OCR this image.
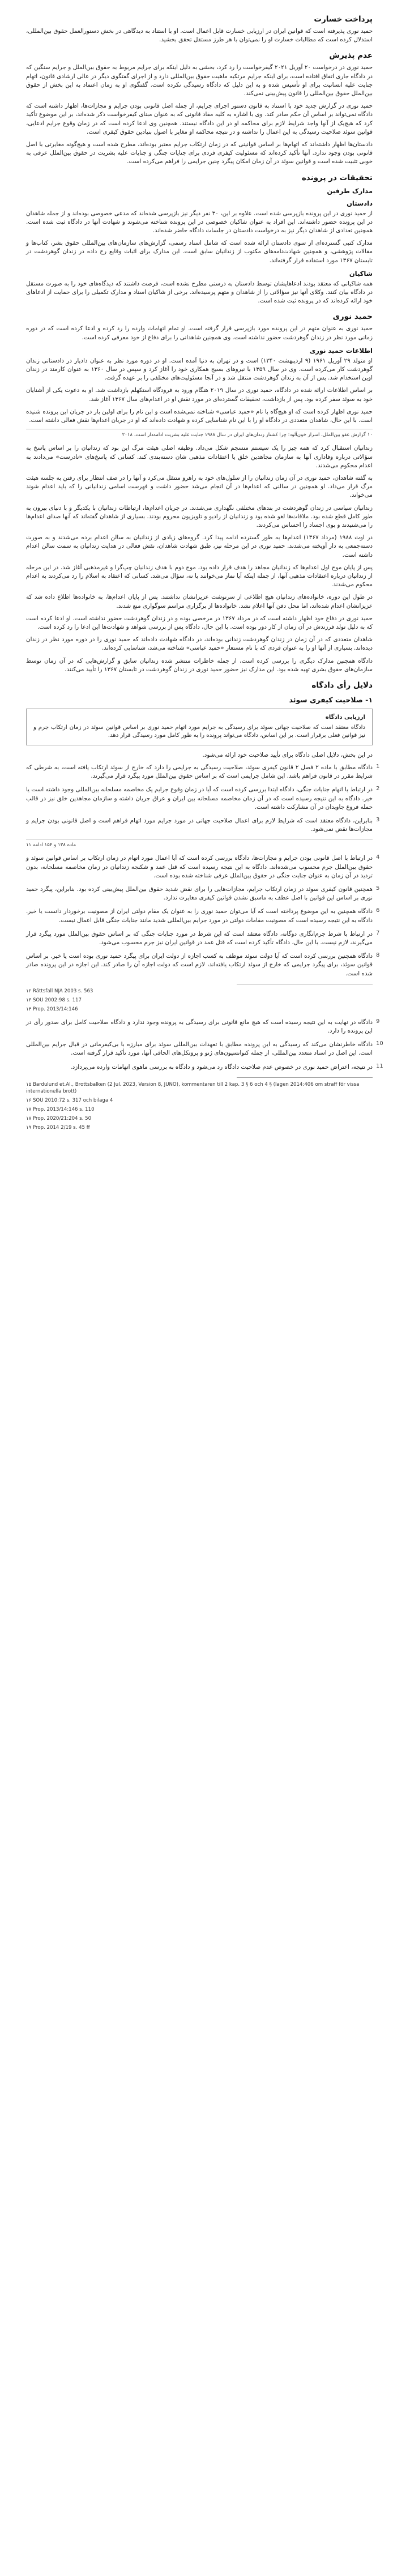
پرداخت خسارت

حمید نوری پذیرفته است که قوانین ایران در ارزیابی خسارت قابل اعمال است. او با استناد به دیدگاهی در بخش دستورالعمل حقوق بین‌المللی، استدلال کرده است که مطالبات خسارت او را نمی‌توان با هر طرز مستقل تحقق بخشید.

عدم پذیرش

حمید نوری در درخواست ۲۰ آوریل ۲۰۲۱ گیفرخواست را رد کرد، بخشی به دلیل اینکه برای جرایم مربوط به حقوق بین‌الملل و جرایم سنگین که در دادگاه جاری اتفاق افتاده است، برای اینکه جرایم مرتکبه ماهیت حقوق بین‌المللی دارد و از اجرای گفتگوی دیگر در عالی ارشادی قانون، اتهام جنایت علیه انسانیت برای او تأسیس شده و به این دلیل که دادگاه رسیدگی نکرده است. گفتگوی او به زمان اعتماد به این بخش از حقوق بین‌الملل حقوق بین‌المللی را قانون پیش‌بینی نمی‌کند.

حمید نوری در گزارش جدید خود با استناد به قانون دستور اجرای جرایم، از جمله اصل قانونی بودن جرایم و مجازات‌ها، اظهار داشته است که دادگاه نمی‌تواند بر اساس آن حکم صادر کند. وی با اشاره به کلیه مفاد قانونی که به عنوان مبنای کیفرخواست ذکر شده‌اند، بر این موضوع تأکید کرد که هیچ‌یک از آنها واجد شرایط لازم برای محاکمه او در این دادگاه نیستند. همچنین وی ادعا کرده است که در زمان وقوع جرایم ادعایی، قوانین سوئد صلاحیت رسیدگی به این اعمال را نداشته و در نتیجه محاکمه او مغایر با اصول بنیادین حقوق کیفری است.

دادستان‌ها اظهار داشته‌اند که اتهام‌ها بر اساس قوانینی که در زمان ارتکاب جرایم معتبر بوده‌اند، مطرح شده است و هیچ‌گونه مغایرتی با اصل قانونی بودن وجود ندارد. آنها تأکید کرده‌اند که مسئولیت کیفری فردی برای جنایات جنگی و جنایات علیه بشریت در حقوق بین‌الملل عرفی به خوبی تثبیت شده است و قوانین سوئد در آن زمان امکان پیگرد چنین جرایمی را فراهم می‌کرده است.

تحقیقات در پرونده
مدارک طرفین
دادستان

از حمید نوری در این پرونده بازپرسی شده است. علاوه بر این، ۳۰ نفر دیگر نیز بازپرسی شده‌اند که مدعی خصوصی بوده‌اند و از جمله شاهدان در این پرونده حضور داشته‌اند. این افراد به عنوان شاکیان خصوصی در این پرونده شناخته می‌شوند و شهادت آنها در دادگاه ثبت شده است. همچنین تعدادی از شاهدان دیگر نیز به درخواست دادستان در جلسات دادگاه حاضر شده‌اند.

مدارک کتبی گسترده‌ای از سوی دادستان ارائه شده است که شامل اسناد رسمی، گزارش‌های سازمان‌های بین‌المللی حقوق بشر، کتاب‌ها و مقالات پژوهشی، و همچنین شهادت‌نامه‌های مکتوب از زندانیان سابق است. این مدارک برای اثبات وقایع رخ داده در زندان گوهردشت در تابستان ۱۳۶۷ مورد استفاده قرار گرفته‌اند.

شاکیان

همه شاکیانی که معتقد بودند ادعاهایشان توسط دادستان به درستی مطرح نشده است، فرصت داشتند که دیدگاه‌های خود را به صورت مستقل در دادگاه بیان کنند. وکلای آنها نیز سؤالاتی را از شاهدان و متهم پرسیده‌اند. برخی از شاکیان اسناد و مدارک تکمیلی را برای حمایت از ادعاهای خود ارائه کرده‌اند که در پرونده ثبت شده است.

حمید نوری

حمید نوری به عنوان متهم در این پرونده مورد بازپرسی قرار گرفته است. او تمام اتهامات وارده را رد کرده و ادعا کرده است که در دوره زمانی مورد نظر در زندان گوهردشت حضور نداشته است. وی همچنین شاهدانی را برای دفاع از خود معرفی کرده است.

اطلاعات حمید نوری

او متولد ۲۹ آوریل ۱۹۶۱ (۹ اردیبهشت ۱۳۴۰) است و در تهران به دنیا آمده است. او در دوره مورد نظر به عنوان دادیار در دادستانی زندان گوهردشت کار می‌کرده است. وی در سال ۱۳۵۹ با نیروهای بسیج همکاری خود را آغاز کرد و سپس در سال ۱۳۶۰ به عنوان کارمند در زندان اوین استخدام شد. پس از آن به زندان گوهردشت منتقل شد و در آنجا مسئولیت‌های مختلفی را بر عهده گرفت.

بر اساس اطلاعات ارائه شده در دادگاه، حمید نوری در سال ۲۰۱۹ هنگام ورود به فرودگاه استکهلم بازداشت شد. او به دعوت یکی از آشنایان خود به سوئد سفر کرده بود. پس از بازداشت، تحقیقات گسترده‌ای در مورد نقش او در اعدام‌های سال ۱۳۶۷ آغاز شد.

حمید نوری اظهار کرده است که او هیچ‌گاه با نام «حمید عباسی» شناخته نمی‌شده است و این نام را برای اولین بار در جریان این پرونده شنیده است. با این حال، شاهدان متعددی در دادگاه او را با این نام شناسایی کرده و شهادت داده‌اند که او در جریان اعدام‌ها نقش فعالی داشته است.

۱۰ گزارش عفو بین‌الملل، اسرار خون‌آلود: چرا کشتار زندان‌های ایران در سال ۱۹۸۸ جنایت علیه بشریت ادامه‌دار است، ۲۰۱۸

زندانیان استقبال کرد که همه چیز را یک سیستم منسجم شکل می‌داد. وظیفه اصلی هیئت مرگ این بود که زندانیان را بر اساس پاسخ به سؤالاتی درباره وفاداری آنها به سازمان مجاهدین خلق یا اعتقادات مذهبی شان دسته‌بندی کند. کسانی که پاسخ‌های «نادرست» می‌دادند به اعدام محکوم می‌شدند.

به گفته شاهدان، حمید نوری در آن زمان زندانیان را از سلول‌های خود به راهرو منتقل می‌کرد و آنها را در صف انتظار برای رفتن به جلسه هیئت مرگ قرار می‌داد. او همچنین در سالنی که اعدام‌ها در آن انجام می‌شد حضور داشت و فهرست اسامی زندانیانی را که باید اعدام شوند می‌خواند.

زندانیان سیاسی در زندان گوهردشت در بندهای مختلفی نگهداری می‌شدند. در جریان اعدام‌ها، ارتباطات زندانیان با یکدیگر و با دنیای بیرون به طور کامل قطع شده بود. ملاقات‌ها لغو شده بود و زندانیان از رادیو و تلویزیون محروم بودند. بسیاری از شاهدان گفته‌اند که آنها صدای اعدام‌ها را می‌شنیدند و بوی اجساد را احساس می‌کردند.

در اوت ۱۹۸۸ (مرداد ۱۳۶۷) اعدام‌ها به طور گسترده ادامه پیدا کرد. گروه‌های زیادی از زندانیان به سالن اعدام برده می‌شدند و به صورت دسته‌جمعی به دار آویخته می‌شدند. حمید نوری در این مرحله نیز، طبق شهادت شاهدان، نقش فعالی در هدایت زندانیان به سمت سالن اعدام داشته است.

پس از پایان موج اول اعدام‌ها که زندانیان مجاهد را هدف قرار داده بود، موج دوم با هدف زندانیان چپ‌گرا و غیرمذهبی آغاز شد. در این مرحله از زندانیان درباره اعتقادات مذهبی آنها، از جمله اینکه آیا نماز می‌خوانند یا نه، سؤال می‌شد. کسانی که اعتقاد به اسلام را رد می‌کردند به اعدام محکوم می‌شدند.

در طول این دوره، خانواده‌های زندانیان هیچ اطلاعی از سرنوشت عزیزانشان نداشتند. پس از پایان اعدام‌ها، به خانواده‌ها اطلاع داده شد که عزیزانشان اعدام شده‌اند، اما محل دفن آنها اعلام نشد. خانواده‌ها از برگزاری مراسم سوگواری منع شدند.

حمید نوری در دفاع خود اظهار داشته است که در مرداد ۱۳۶۷ در مرخصی بوده و در زندان گوهردشت حضور نداشته است. او ادعا کرده است که به دلیل تولد فرزندش در آن زمان از کار دور بوده است. با این حال، دادگاه پس از بررسی شواهد و شهادت‌ها این ادعا را رد کرده است.

شاهدان متعددی که در آن زمان در زندان گوهردشت زندانی بوده‌اند، در دادگاه شهادت داده‌اند که حمید نوری را در دوره مورد نظر در زندان دیده‌اند. بسیاری از آنها او را به عنوان فردی که با نام مستعار «حمید عباسی» شناخته می‌شد، شناسایی کرده‌اند.

دادگاه همچنین مدارک دیگری را بررسی کرده است، از جمله خاطرات منتشر شده زندانیان سابق و گزارش‌هایی که در آن زمان توسط سازمان‌های حقوق بشری تهیه شده بود. این مدارک نیز حضور حمید نوری در زندان گوهردشت در تابستان ۱۳۶۷ را تأیید می‌کنند.

دلایل رأی دادگاه
۱- صلاحیت کیفری سوئد

ارزیابی دادگاه

دادگاه معتقد است که صلاحیت جهانی سوئد برای رسیدگی به جرایم مورد اتهام حمید نوری بر اساس قوانین سوئد در زمان ارتکاب جرم و نیز قوانین فعلی برقرار است. بر این اساس، دادگاه می‌تواند پرونده را به طور کامل مورد رسیدگی قرار دهد.

در این بخش، دلایل اصلی دادگاه برای تأیید صلاحیت خود ارائه می‌شود.

1

دادگاه مطابق با ماده ۲ فصل ۲ قانون کیفری سوئد، صلاحیت رسیدگی به جرایمی را دارد که خارج از سوئد ارتکاب یافته است، به شرطی که شرایط مقرر در قانون فراهم باشد. این شامل جرایمی است که بر اساس حقوق بین‌الملل مورد پیگرد قرار می‌گیرند.

2

در ارتباط با اتهام جنایات جنگی، دادگاه ابتدا بررسی کرده است که آیا در زمان وقوع جرایم یک مخاصمه مسلحانه بین‌المللی وجود داشته است یا خیر. دادگاه به این نتیجه رسیده است که در آن زمان مخاصمه مسلحانه بین ایران و عراق جریان داشته و سازمان مجاهدین خلق نیز در قالب حمله فروغ جاویدان در آن مشارکت داشته است.

3

بنابراین، دادگاه معتقد است که شرایط لازم برای اعمال صلاحیت جهانی در مورد جرایم مورد اتهام فراهم است و اصل قانونی بودن جرایم و مجازات‌ها نقض نمی‌شود.

۱۱ ماده ۱۳۸ و ۱۵۴ ادامه
4

در ارتباط با اصل قانونی بودن جرایم و مجازات‌ها، دادگاه بررسی کرده است که آیا اعمال مورد اتهام در زمان ارتکاب بر اساس قوانین سوئد و حقوق بین‌الملل جرم محسوب می‌شده‌اند. دادگاه به این نتیجه رسیده است که قتل عمد و شکنجه زندانیان در زمان مخاصمه مسلحانه، بدون تردید در آن زمان به عنوان جنایت جنگی در حقوق بین‌الملل عرفی شناخته شده بوده است.

5

همچنین قانون کیفری سوئد در زمان ارتکاب جرایم، مجازات‌هایی را برای نقض شدید حقوق بین‌الملل پیش‌بینی کرده بود. بنابراین، پیگرد حمید نوری بر اساس این قوانین با اصل عطف به ماسبق نشدن قوانین کیفری مغایرت ندارد.

6

دادگاه همچنین به این موضوع پرداخته است که آیا می‌توان حمید نوری را به عنوان یک مقام دولتی ایران از مصونیت برخوردار دانست یا خیر. دادگاه به این نتیجه رسیده است که مصونیت مقامات دولتی در مورد جرایم بین‌المللی شدید مانند جنایات جنگی قابل اعمال نیست.

7

در ارتباط با شرط جرم‌انگاری دوگانه، دادگاه معتقد است که این شرط در مورد جنایات جنگی که بر اساس حقوق بین‌الملل مورد پیگرد قرار می‌گیرند، لازم نیست. با این حال، دادگاه تأکید کرده است که قتل عمد در قوانین ایران نیز جرم محسوب می‌شود.

8

دادگاه همچنین بررسی کرده است که آیا دولت سوئد موظف به کسب اجازه از دولت ایران برای پیگرد حمید نوری بوده است یا خیر. بر اساس قوانین سوئد، برای پیگرد جرایمی که خارج از سوئد ارتکاب یافته‌اند، لازم است که دولت اجازه آن را صادر کند. این اجازه در این پرونده صادر شده است.

۱۲ Rättsfall NJA 2003 s. 563
۱۳ SOU 2002:98 s. 117
۱۴ Prop. 2013/14:146
9

دادگاه در نهایت به این نتیجه رسیده است که هیچ مانع قانونی برای رسیدگی به پرونده وجود ندارد و دادگاه صلاحیت کامل برای صدور رأی در این پرونده را دارد.

10

دادگاه خاطرنشان می‌کند که رسیدگی به این پرونده مطابق با تعهدات بین‌المللی سوئد برای مبارزه با بی‌کیفرمانی در قبال جرایم بین‌المللی است. این اصل در اسناد متعدد بین‌المللی، از جمله کنوانسیون‌های ژنو و پروتکل‌های الحاقی آنها، مورد تأکید قرار گرفته است.

11

در نتیجه، اعتراض حمید نوری در خصوص عدم صلاحیت دادگاه رد می‌شود و دادگاه به بررسی ماهوی اتهامات وارده می‌پردازد.

۱۵ Bardulund et.Al., Brottsbalken (2 Jul. 2023, Version 8, JUNO), kommentaren till 2 kap. 3 § 6 och 4 § (lagen 2014:406 om straff för vissa internationella brott)
۱۶ SOU 2010:72 s. 317 och bilaga 4
۱۷ Prop. 2013/14:146 s. 110
۱۸ Prop. 2020/21:204 s. 50
۱۹ Prop. 2014 2/19 s. 45 ff
